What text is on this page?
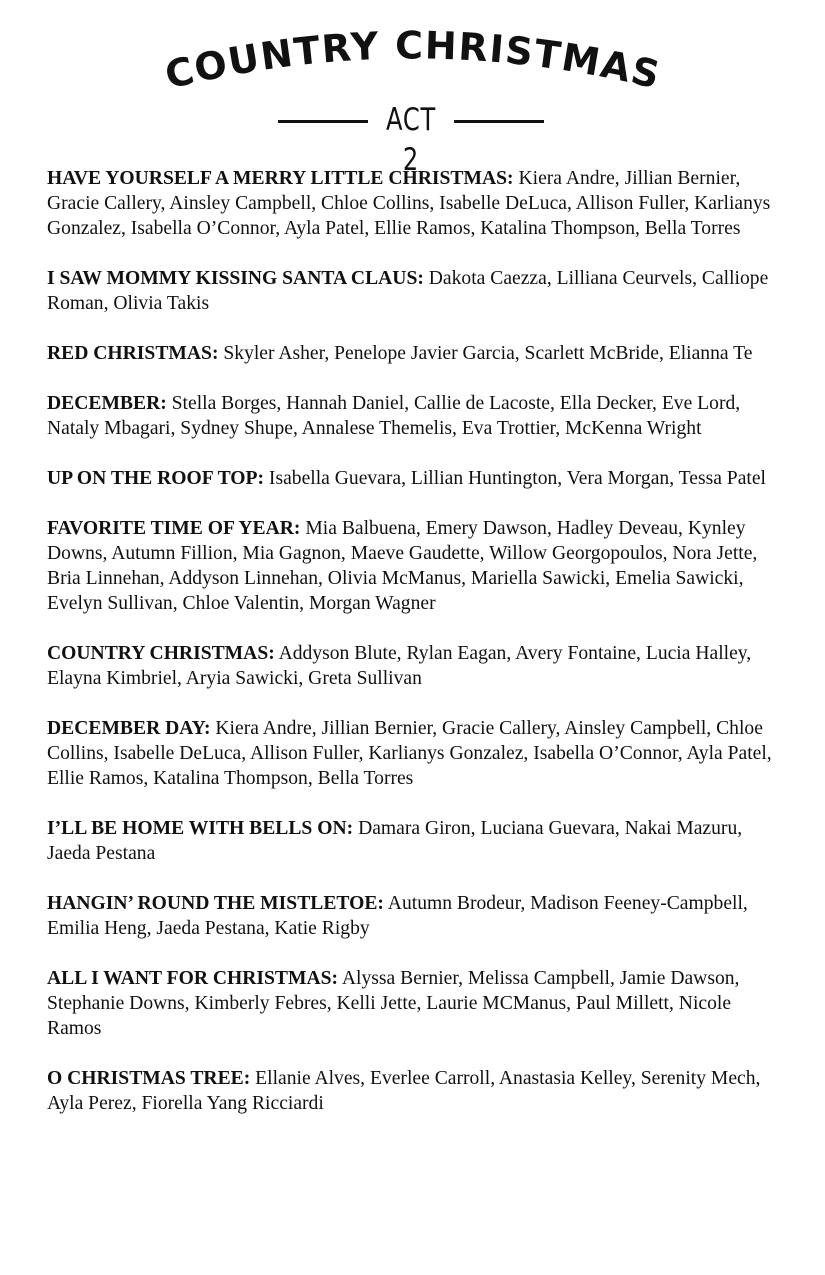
COUNTRY CHRISTMAS
ACT 2

HAVE YOURSELF A MERRY LITTLE CHRISTMAS: Kiera Andre, Jillian Bernier, Gracie Callery, Ainsley Campbell, Chloe Collins, Isabelle DeLuca, Allison Fuller, Karlianys Gonzalez, Isabella O’Connor, Ayla Patel, Ellie Ramos, Katalina Thompson, Bella Torres

I SAW MOMMY KISSING SANTA CLAUS: Dakota Caezza, Lilliana Ceurvels, Calliope Roman, Olivia Takis

RED CHRISTMAS: Skyler Asher, Penelope Javier Garcia, Scarlett McBride, Elianna Te

DECEMBER: Stella Borges, Hannah Daniel, Callie de Lacoste, Ella Decker, Eve Lord, Nataly Mbagari, Sydney Shupe, Annalese Themelis, Eva Trottier, McKenna Wright

UP ON THE ROOF TOP: Isabella Guevara, Lillian Huntington, Vera Morgan, Tessa Patel

FAVORITE TIME OF YEAR: Mia Balbuena, Emery Dawson, Hadley Deveau, Kynley Downs, Autumn Fillion, Mia Gagnon, Maeve Gaudette, Willow Georgopoulos, Nora Jette, Bria Linnehan, Addyson Linnehan, Olivia McManus, Mariella Sawicki, Emelia Sawicki, Evelyn Sullivan, Chloe Valentin, Morgan Wagner

COUNTRY CHRISTMAS: Addyson Blute, Rylan Eagan, Avery Fontaine, Lucia Halley, Elayna Kimbriel, Aryia Sawicki, Greta Sullivan

DECEMBER DAY: Kiera Andre, Jillian Bernier, Gracie Callery, Ainsley Campbell, Chloe Collins, Isabelle DeLuca, Allison Fuller, Karlianys Gonzalez, Isabella O’Connor, Ayla Patel, Ellie Ramos, Katalina Thompson, Bella Torres

I’LL BE HOME WITH BELLS ON: Damara Giron, Luciana Guevara, Nakai Mazuru, Jaeda Pestana

HANGIN’ ROUND THE MISTLETOE: Autumn Brodeur, Madison Feeney-Campbell, Emilia Heng, Jaeda Pestana, Katie Rigby

ALL I WANT FOR CHRISTMAS: Alyssa Bernier, Melissa Campbell, Jamie Dawson, Stephanie Downs, Kimberly Febres, Kelli Jette, Laurie MCManus, Paul Millett, Nicole Ramos

O CHRISTMAS TREE: Ellanie Alves, Everlee Carroll, Anastasia Kelley, Serenity Mech, Ayla Perez, Fiorella Yang Ricciardi
